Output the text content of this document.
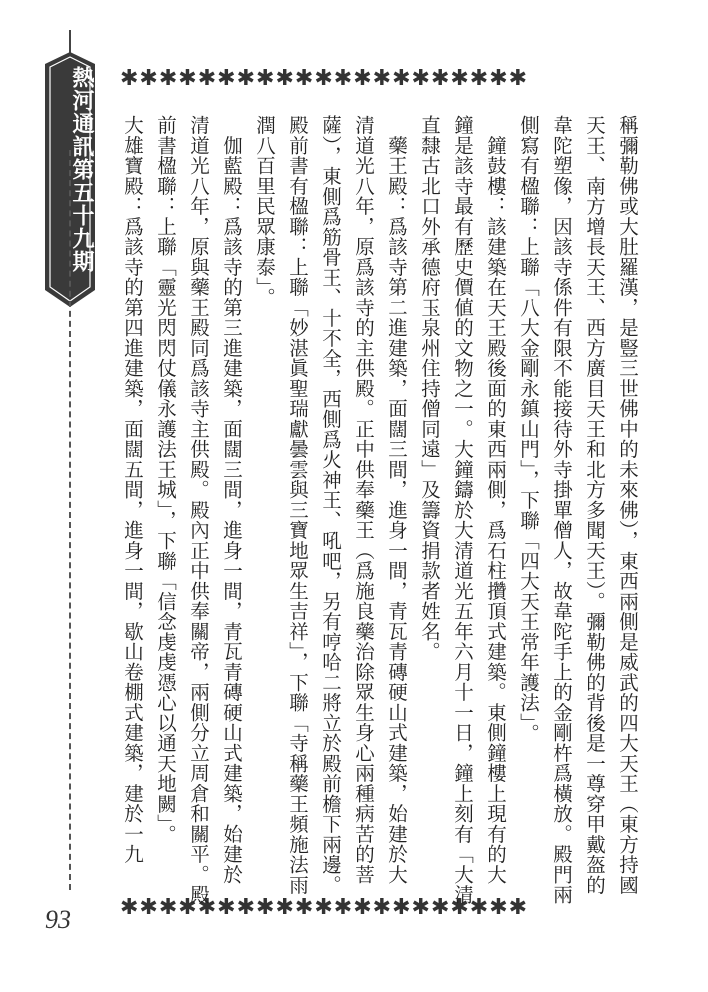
熱河通訊第五十九期 ✱✱✱✱✱✱✱✱✱✱✱✱✱✱✱✱✱✱✱✱✱
✱✱✱✱✱✱✱✱✱✱✱✱✱✱✱✱✱✱✱✱✱
稱彌勒佛或大肚羅漢，是豎三世佛中的未來佛），東西兩側是威武的四大天王（東方持國
天王、南方增長天王、西方廣目天王和北方多聞天王）。彌勒佛的背後是一尊穿甲戴盔的
韋陀塑像，因該寺係件有限不能接待外寺掛單僧人，故韋陀手上的金剛杵爲橫放。殿門兩
側寫有楹聯：上聯「八大金剛永鎮山門」，下聯「四大天王常年護法」。
　鐘鼓樓：該建築在天王殿後面的東西兩側，爲石柱攢頂式建築。東側鐘樓上現有的大
鐘是該寺最有歷史價値的文物之一。大鐘鑄於大清道光五年六月十一日，鐘上刻有「大清
直隸古北口外承德府玉泉州住持僧同遠」及籌資捐款者姓名。
　藥王殿：爲該寺第二進建築，面闊三間，進身一間，青瓦青磚硬山式建築，始建於大
清道光八年，原爲該寺的主供殿。正中供奉藥王（爲施良藥治除眾生身心兩種病苦的菩
薩），東側爲筋骨王、十不全，西側爲火神王、吼吧，另有哼哈二將立於殿前檐下兩邊。
殿前書有楹聯：上聯「妙湛眞聖瑞獻曇雲與三寶地眾生吉祥」，下聯「寺稱藥王頻施法雨
潤八百里民眾康泰」。
　伽藍殿：爲該寺的第三進建築，面闊三間，進身一間，青瓦青磚硬山式建築，始建於
清道光八年，原與藥王殿同爲該寺主供殿。殿內正中供奉關帝，兩側分立周倉和關平。殿
前書楹聯：上聯「靈光閃閃仗儀永護法王城」，下聯「信念虔虔憑心以通天地闕」。
大雄寶殿：爲該寺的第四進建築，面闊五間，進身一間，歇山卷棚式建築，建於一九
93
